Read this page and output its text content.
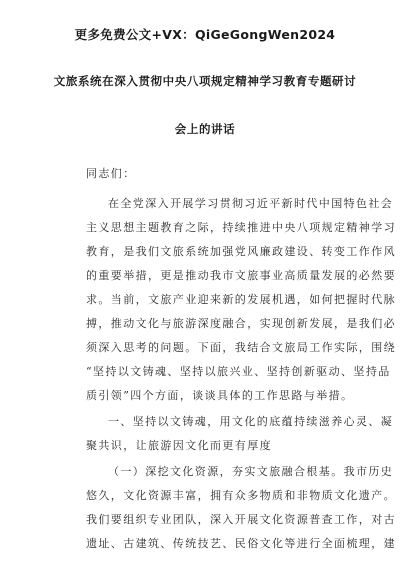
更多免费公文+VX：QiGeGongWen2024
文旅系统在深入贯彻中央八项规定精神学习教育专题研讨
会上的讲话
同志们：
在全党深入开展学习贯彻习近平新时代中国特色社会
主义思想主题教育之际，持续推进中央八项规定精神学习
教育，是我们文旅系统加强党风廉政建设、转变工作作风
的重要举措，更是推动我市文旅事业高质量发展的必然要
求。当前，文旅产业迎来新的发展机遇，如何把握时代脉
搏，推动文化与旅游深度融合，实现创新发展，是我们必
须深入思考的问题。下面，我结合文旅局工作实际，围绕
“坚持以文铸魂、坚持以旅兴业、坚持创新驱动、坚持品
质引领”四个方面，谈谈具体的工作思路与举措。
一、坚持以文铸魂，用文化的底蕴持续滋养心灵、凝
聚共识，让旅游因文化而更有厚度
（一）深挖文化资源，夯实文旅融合根基。我市历史
悠久，文化资源丰富，拥有众多物质和非物质文化遗产。
我们要组织专业团队，深入开展文化资源普查工作，对古
遗址、古建筑、传统技艺、民俗文化等进行全面梳理，建
